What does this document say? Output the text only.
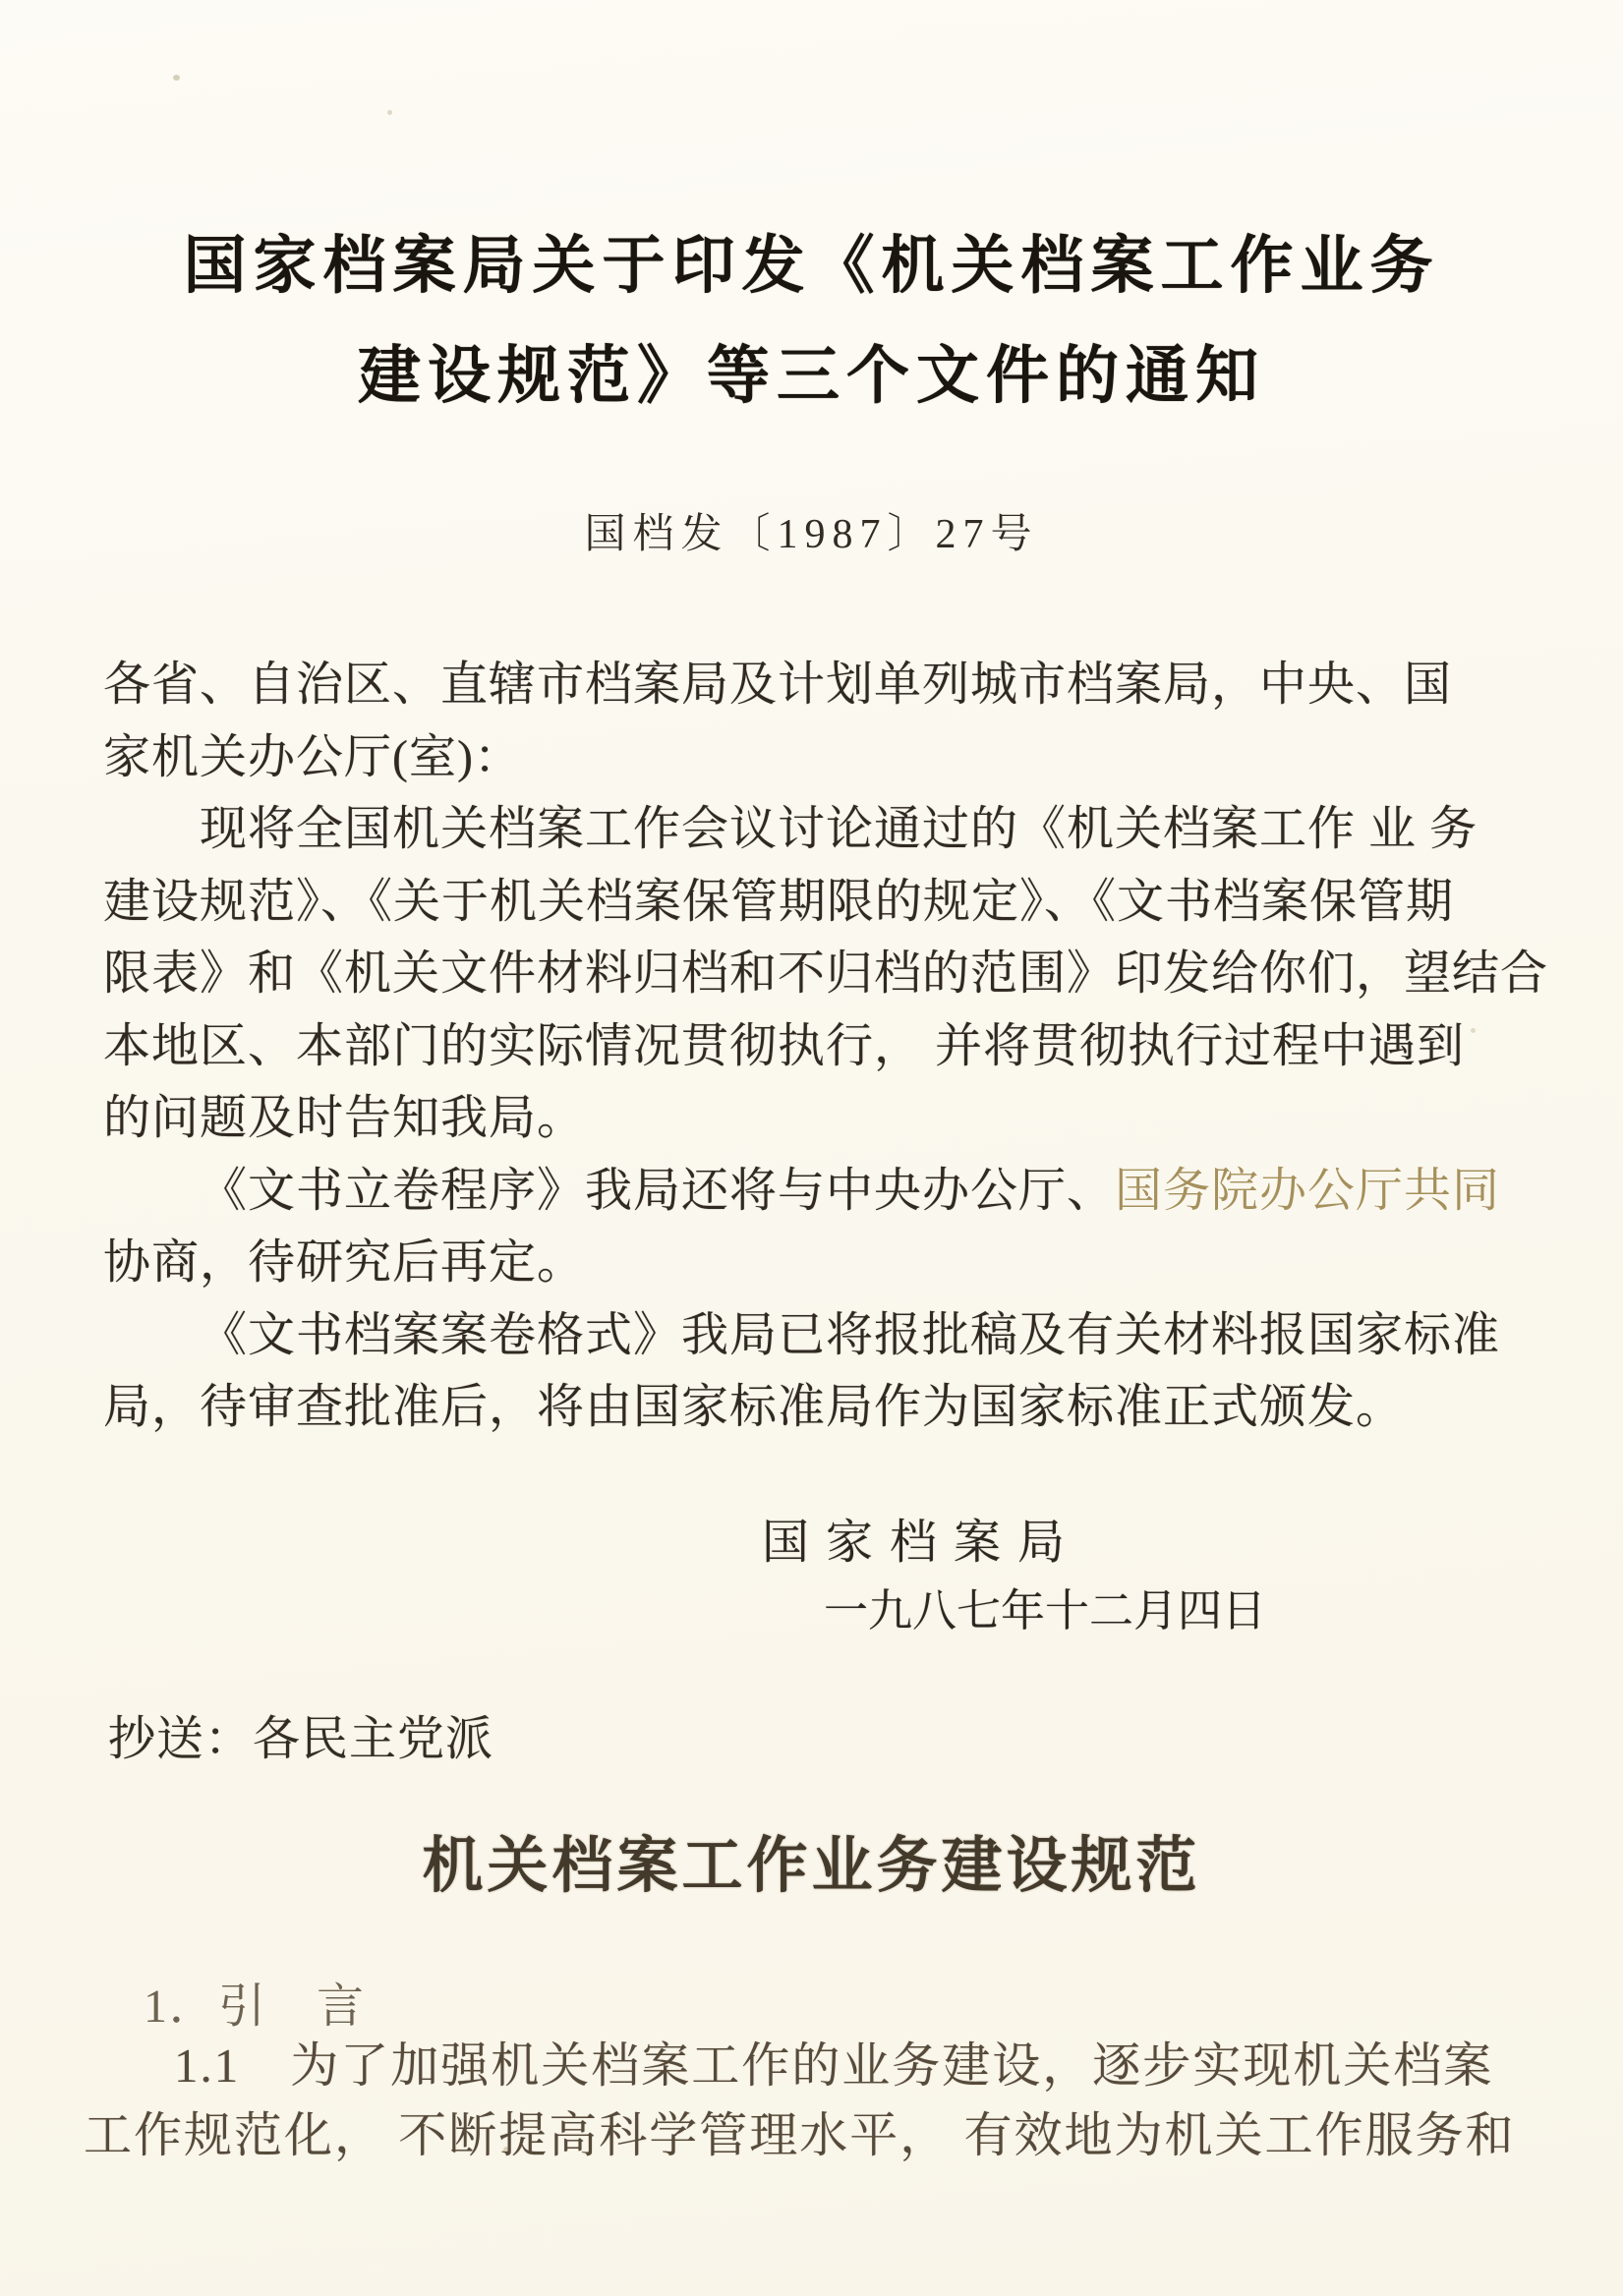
国家档案局关于印发《机关档案工作业务
建设规范》等三个文件的通知
国档发〔1987〕27号
各省、自治区、直辖市档案局及计划单列城市档案局，中央、国
家机关办公厅(室)：
现将全国机关档案工作会议讨论通过的《机关档案工作 业 务
建设规范》、《关于机关档案保管期限的规定》、《文书档案保管期
限表》和《机关文件材料归档和不归档的范围》印发给你们，望结合
本地区、本部门的实际情况贯彻执行， 并将贯彻执行过程中遇到
的问题及时告知我局。
《文书立卷程序》我局还将与中央办公厅、国务院办公厅共同
协商，待研究后再定。
《文书档案案卷格式》我局已将报批稿及有关材料报国家标准
局，待审查批准后，将由国家标准局作为国家标准正式颁发。
国家档案局
一九八七年十二月四日
抄送：各民主党派
机关档案工作业务建设规范
1．引　言
1.1　为了加强机关档案工作的业务建设，逐步实现机关档案
工作规范化， 不断提高科学管理水平， 有效地为机关工作服务和
